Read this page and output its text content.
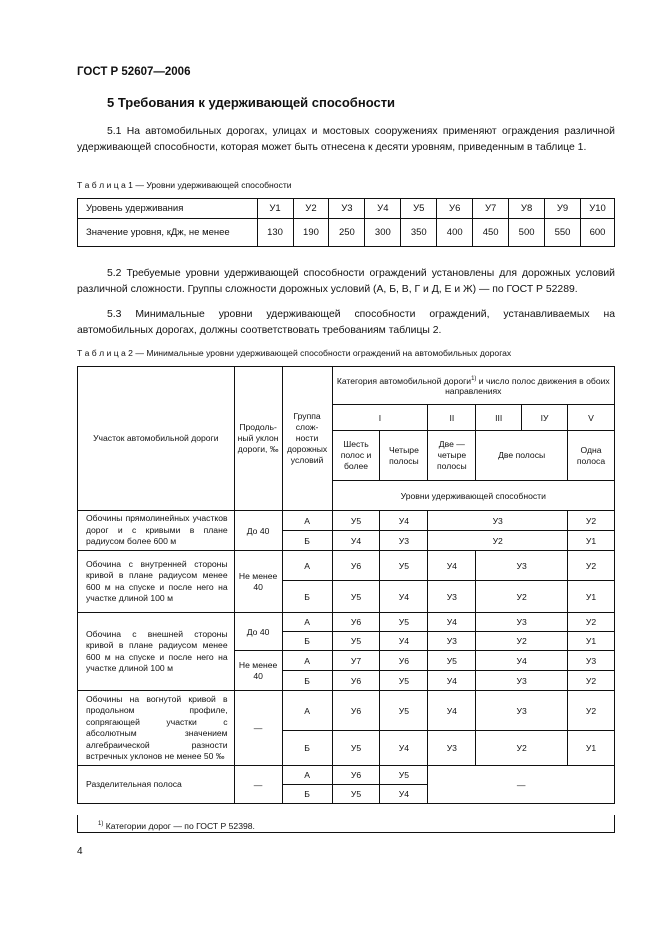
ГОСТ Р 52607—2006
5 Требования к удерживающей способности
5.1 На автомобильных дорогах, улицах и мостовых сооружениях применяют ограждения различной удерживающей способности, которая может быть отнесена к десяти уровням, приведенным в таблице 1.
Т а б л и ц а 1 — Уровни удерживающей способности
Уровень удерживания	У1	У2	У3	У4	У5	У6	У7	У8	У9	У10
Значение уровня, кДж, не менее	130	190	250	300	350	400	450	500	550	600
5.2 Требуемые уровни удерживающей способности ограждений установлены для дорожных условий различной сложности. Группы сложности дорожных условий (А, Б, В, Г и Д, Е и Ж) — по ГОСТ Р 52289.
5.3 Минимальные уровни удерживающей способности ограждений, устанавливаемых на автомобильных дорогах, должны соответствовать требованиям таблицы 2.
Т а б л и ц а 2 — Минимальные уровни удерживающей способности ограждений на автомобильных дорогах
Участок автомобильной дороги	Продоль-ный уклон дороги, ‰	Группа слож-ности дорожных условий	Категория автомобильной дороги$^{1)}$ и число полос движения в обоих направлениях					
			I		II	III	IУ	V
			Шесть полос и более	Четыре полосы	Две — четыре полосы	Две полосы		Одна полоса
			Уровни удерживающей способности					
Обочины прямолинейных участков дорог и с кривыми в плане радиусом более 600 м	До 40	А	У5	У4	У3			У2
		Б	У4	У3	У2			У1
Обочина с внутренней стороны кривой в плане радиусом менее 600 м на спуске и после него на участке длиной 100 м	Не менее 40	А	У6	У5	У4	У3		У2
		Б	У5	У4	У3	У2		У1
Обочина с внешней стороны кривой в плане радиусом менее 600 м на спуске и после него на участке длиной 100 м	До 40	А	У6	У5	У4	У3		У2
		Б	У5	У4	У3	У2		У1
	Не менее 40	А	У7	У6	У5	У4		У3
		Б	У6	У5	У4	У3		У2
Обочины на вогнутой кривой в продольном профиле, сопрягающей участки с абсолютным значением алгебраической разности встречных уклонов не менее 50 ‰	—	А	У6	У5	У4	У3		У2
		Б	У5	У4	У3	У2		У1
Разделительная полоса	—	А	У6	У5	—			
		Б	У5	У4				
$^{1)}$ Категории дорог — по ГОСТ Р 52398.
4
